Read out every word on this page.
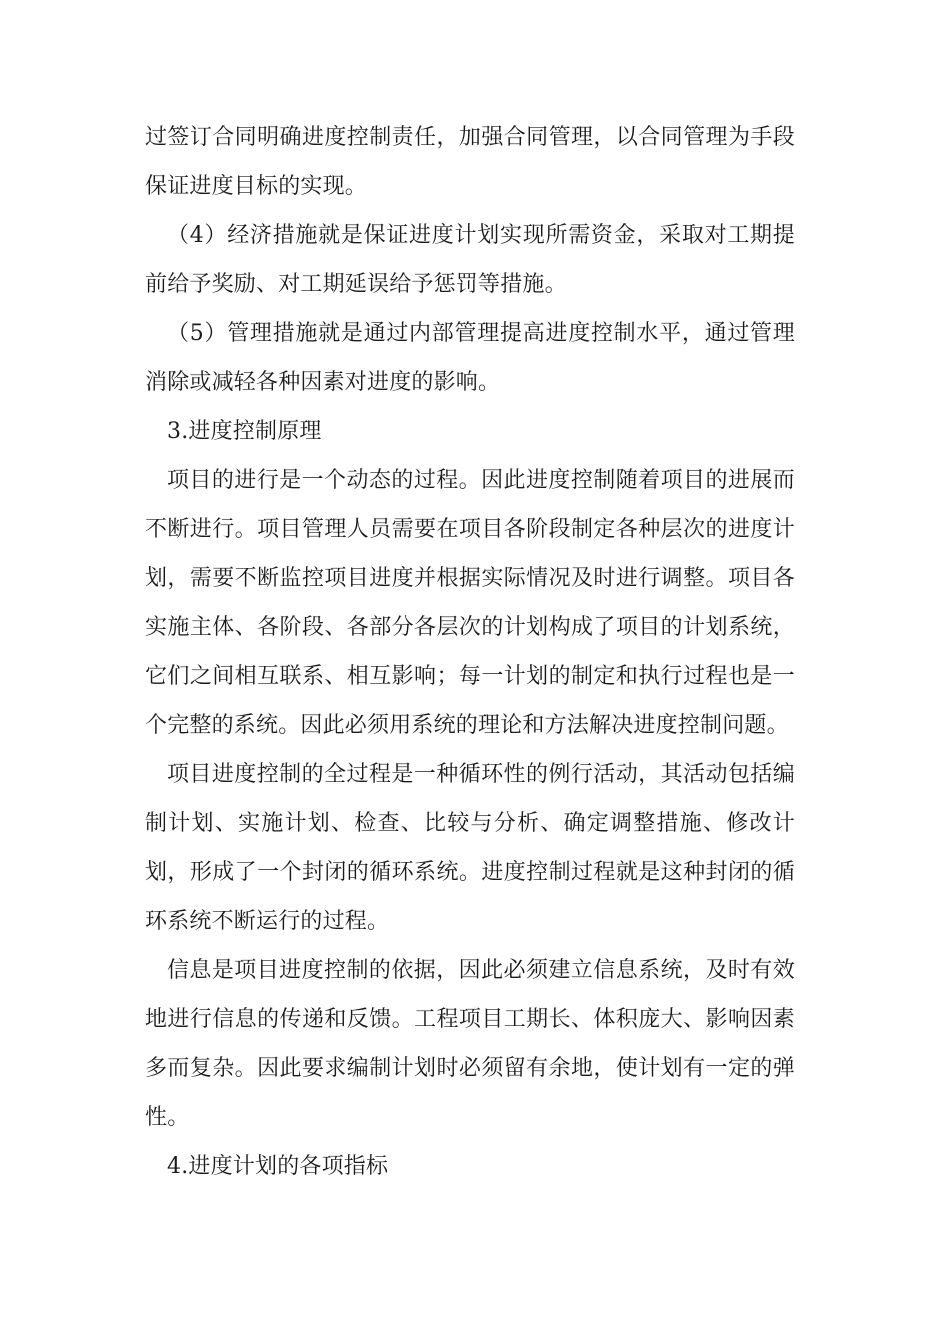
过签订合同明确进度控制责任，加强合同管理，以合同管理为手段保证进度目标的实现。

（4）经济措施就是保证进度计划实现所需资金，采取对工期提前给予奖励、对工期延误给予惩罚等措施。

（5）管理措施就是通过内部管理提高进度控制水平，通过管理消除或减轻各种因素对进度的影响。

3.进度控制原理

项目的进行是一个动态的过程。因此进度控制随着项目的进展而不断进行。项目管理人员需要在项目各阶段制定各种层次的进度计划，需要不断监控项目进度并根据实际情况及时进行调整。项目各实施主体、各阶段、各部分各层次的计划构成了项目的计划系统，它们之间相互联系、相互影响；每一计划的制定和执行过程也是一个完整的系统。因此必须用系统的理论和方法解决进度控制问题。

项目进度控制的全过程是一种循环性的例行活动，其活动包括编制计划、实施计划、检查、比较与分析、确定调整措施、修改计划，形成了一个封闭的循环系统。进度控制过程就是这种封闭的循环系统不断运行的过程。

信息是项目进度控制的依据，因此必须建立信息系统，及时有效地进行信息的传递和反馈。工程项目工期长、体积庞大、影响因素多而复杂。因此要求编制计划时必须留有余地，使计划有一定的弹性。

4.进度计划的各项指标
